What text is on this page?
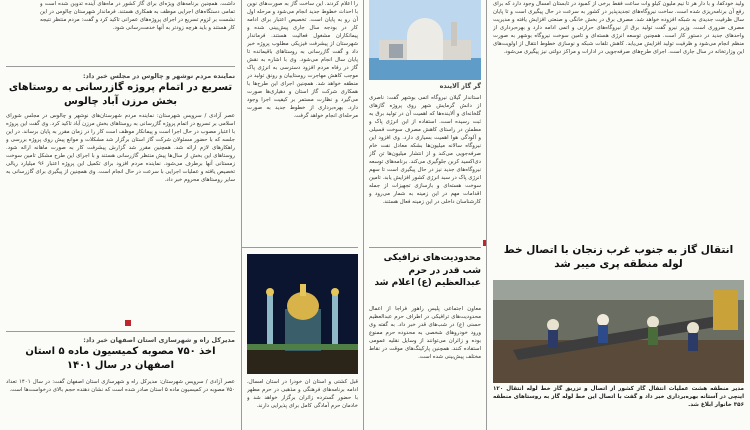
ولید خودکفا، و با دار هر تا نیم ملیون کیلو وات ساعت فقط برخی از کمبود در تابستان امسال وجود دارد که برای رفع آن برنامه‌ریزی شده است. ساخت نیروگاه‌های تجدیدپذیر در کشور به سرعت در حال پیگیری است و تا پایان سال ظرفیت جدیدی به شبکه افزوده خواهد شد. مصرف برق در بخش خانگی و صنعتی افزایش یافته و مدیریت مصرف ضروری است. وزیر نیرو گفت تولید برق از نیروگاه‌های حرارتی و اتمی ادامه دارد و بهره‌برداری از واحدهای جدید در دستور کار است. همچنین توسعه انرژی هسته‌ای و تامین سوخت نیروگاه بوشهر به صورت منظم انجام می‌شود و ظرفیت تولید افزایش می‌یابد. کاهش تلفات شبکه و نوسازی خطوط انتقال از اولویت‌های این وزارتخانه در سال جاری است. اجرای طرح‌های صرفه‌جویی در ادارات و مراکز دولتی نیز پیگیری می‌شود.

انتقال گاز به جنوب غرب زنجان با اتصال خط لوله منطقه پری میبر شد

مدیر منطقه هشت عملیات انتقال گاز کشور از اتصال و تزریق گاز خط لوله انتقال ۱۲۰ اینچی در آستانه بهره‌برداری خبر داد و گفت با اتصال این خط لوله گاز به روستاهای منطقه ۳۵۶ خانوار ابلاغ شد.

گر گاز آلاینده

استاندار گیلان نیروگاه اتمی بوشهر گفت: ناصری از دانش گرمایش شهر روی پروژه گازهای گلخانه‌ای و آلاینده‌ها که اهمیت آن در تولید برق به ثبت رسیده است. استفاده از این انرژی پاک و مطمئن در راستای کاهش مصرف سوخت فسیلی و آلودگی هوا اهمیت بسیاری دارد. وی افزود این نیروگاه سالانه میلیون‌ها بشکه معادل نفت خام صرفه‌جویی می‌کند و از انتشار میلیون‌ها تن گاز دی‌اکسید کربن جلوگیری می‌کند. برنامه‌های توسعه نیروگاه‌های جدید نیز در حال پیگیری است تا سهم انرژی پاک در سبد انرژی کشور افزایش یابد. تامین سوخت هسته‌ای و بازسازی تجهیزات از جمله اقدامات مهم در این زمینه به شمار می‌رود و کارشناسان داخلی در این زمینه فعال هستند.

محدودیت‌های ترافیکی شب قدر در حرم عبدالعظیم (ع) اعلام شد

معاون اجتماعی پلیس راهور فراجا از اعمال محدودیت‌های ترافیکی در اطراف حرم عبدالعظیم حسنی (ع) در شب‌های قدر خبر داد. به گفته وی ورود خودروهای شخصی به محدوده حرم ممنوع بوده و زائران می‌توانند از وسایل نقلیه عمومی استفاده کنند. همچنین پارکینگ‌های موقت در نقاط مختلف پیش‌بینی شده است.

را اعلام کردند. این ساخت گاز به صورت‌های نوین با احداث خطوط جدید انجام می‌شود و مرحله اول آن رو به پایان است. تخصیص اعتبار برای ادامه کار در بودجه سال جاری پیش‌بینی شده و پیمانکاران مشغول فعالیت هستند. فرماندار شهرستان از پیشرفت فیزیکی مطلوب پروژه خبر داد و گفت گازرسانی به روستاهای باقیمانده تا پایان سال انجام می‌شود. وی با اشاره به نقش گاز در رفاه مردم افزود دسترسی به انرژی پاک موجب کاهش مهاجرت روستاییان و رونق تولید در منطقه خواهد شد. همچنین اجرای این طرح‌ها با همکاری شرکت گاز استان و دهیاری‌ها صورت می‌گیرد و نظارت مستمر بر کیفیت اجرا وجود دارد. بهره‌برداری از خطوط جدید به صورت مرحله‌ای انجام خواهد گرفت.

قبل کشتی و استان ان خودرا در استان امسال، ادامه برنامه‌های فرهنگی و مذهبی در حرم مطهر با حضور گسترده زائران برگزار خواهد شد و خادمان حرم آمادگی کامل برای پذیرایی دارند.

داشت. همچنین برنامه‌های ویژه‌ای برای گاز کشور در ماه‌های آینده تدوین شده است و تمامی دستگاه‌های اجرایی موظف به همکاری هستند. فرماندار شهرستان چالوس در این نشست بر لزوم تسریع در اجرای پروژه‌های عمرانی تاکید کرد و گفت: مردم منتظر نتیجه کار هستند و باید هرچه زودتر به آنها خدمت‌رسانی شود.

نماینده مردم نوشهر و چالوس در مجلس خبر داد:

تسریع در اتمام پروژه گازرسانی به روستاهای بخش مرزن آباد چالوس

عصر آزادی / سرویس شهرستان: نماینده مردم شهرستان‌های نوشهر و چالوس در مجلس شورای اسلامی بر تسریع در اتمام پروژه گازرسانی به روستاهای بخش مرزن آباد تاکید کرد. وی گفت این پروژه با اعتبار مصوب در حال اجرا است و پیمانکار موظف است کار را در زمان مقرر به پایان برساند. در این جلسه که با حضور مسئولان شرکت گاز استان برگزار شد مشکلات و موانع پیش روی پروژه بررسی و راهکارهای لازم ارائه شد. همچنین مقرر شد گزارش پیشرفت کار به صورت ماهانه ارائه شود. روستاهای این بخش از سال‌ها پیش منتظر گازرسانی هستند و با اجرای این طرح مشکل تامین سوخت زمستانی آنها برطرف می‌شود. نماینده مردم افزود برای تکمیل این پروژه اعتبار ۹۶ میلیارد ریالی تخصیص یافته و عملیات اجرایی با سرعت در حال انجام است. وی همچنین از پیگیری برای گازرسانی به سایر روستاهای محروم خبر داد.

مدیرکل راه و شهرسازی استان اصفهان خبر داد:

اخذ ۷۵۰ مصوبه کمیسیون ماده ۵ استان اصفهان در سال ۱۴۰۱

عصر آزادی / سرویس شهرستان: مدیرکل راه و شهرسازی استان اصفهان گفت: در سال ۱۴۰۱ تعداد ۷۵۰ مصوبه در کمیسیون ماده ۵ استان صادر شده است که نشان دهنده حجم بالای درخواست‌ها است.
